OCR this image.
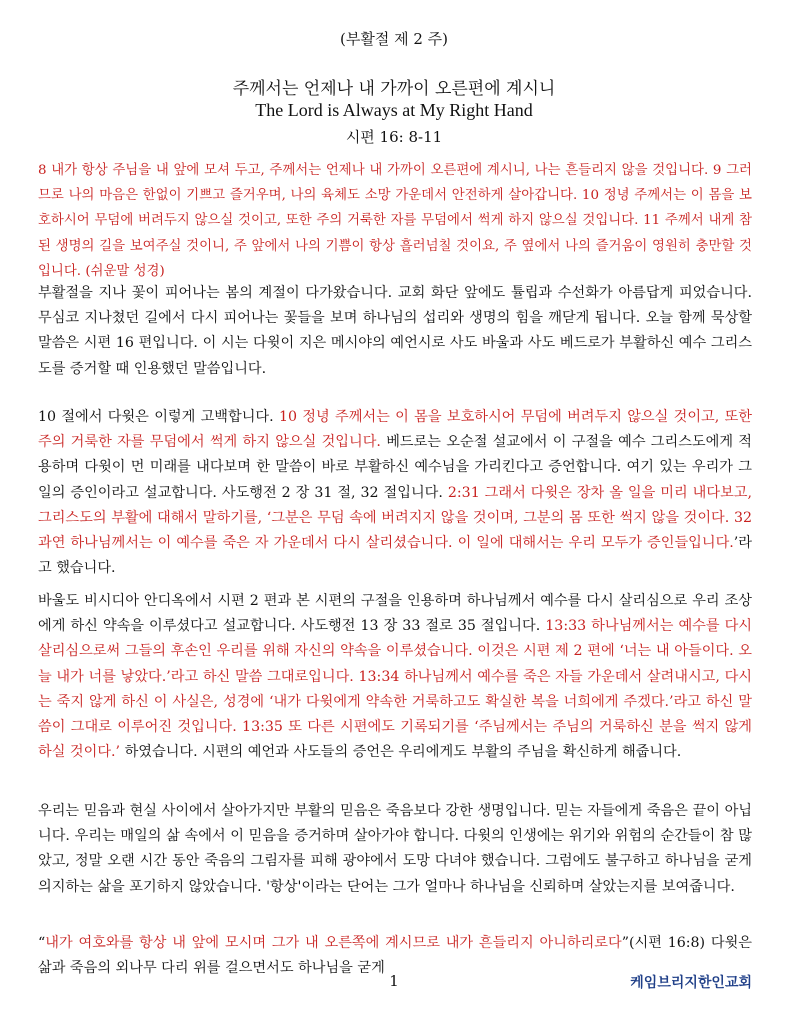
(부활절 제 2 주)
주께서는 언제나 내 가까이 오른편에 계시니
The Lord is Always at My Right Hand
시편 16: 8-11

8 내가 항상 주님을 내 앞에 모셔 두고, 주께서는 언제나 내 가까이 오른편에 계시니, 나는 흔들리지 않을 것입니다. 9 그러므로 나의 마음은 한없이 기쁘고 즐거우며, 나의 육체도 소망 가운데서 안전하게 살아갑니다. 10 정녕 주께서는 이 몸을 보호하시어 무덤에 버려두지 않으실 것이고, 또한 주의 거룩한 자를 무덤에서 썩게 하지 않으실 것입니다. 11 주께서 내게 참된 생명의 길을 보여주실 것이니, 주 앞에서 나의 기쁨이 항상 흘러넘칠 것이요, 주 옆에서 나의 즐거움이 영원히 충만할 것입니다. (쉬운말 성경)

부활절을 지나 꽃이 피어나는 봄의 계절이 다가왔습니다. 교회 화단 앞에도 튤립과 수선화가 아름답게 피었습니다. 무심코 지나쳤던 길에서 다시 피어나는 꽃들을 보며 하나님의 섭리와 생명의 힘을 깨닫게 됩니다. 오늘 함께 묵상할 말씀은 시편 16 편입니다. 이 시는 다윗이 지은 메시야의 예언시로 사도 바울과 사도 베드로가 부활하신 예수 그리스도를 증거할 때 인용했던 말씀입니다.

10 절에서 다윗은 이렇게 고백합니다. 10 정녕 주께서는 이 몸을 보호하시어 무덤에 버려두지 않으실 것이고, 또한 주의 거룩한 자를 무덤에서 썩게 하지 않으실 것입니다. 베드로는 오순절 설교에서 이 구절을 예수 그리스도에게 적용하며 다윗이 먼 미래를 내다보며 한 말씀이 바로 부활하신 예수님을 가리킨다고 증언합니다. 여기 있는 우리가 그 일의 증인이라고 설교합니다. 사도행전 2 장 31 절, 32 절입니다. 2:31 그래서 다윗은 장차 올 일을 미리 내다보고, 그리스도의 부활에 대해서 말하기를, ‘그분은 무덤 속에 버려지지 않을 것이며, 그분의 몸 또한 썩지 않을 것이다. 32 과연 하나님께서는 이 예수를 죽은 자 가운데서 다시 살리셨습니다. 이 일에 대해서는 우리 모두가 증인들입니다.’라고 했습니다.

바울도 비시디아 안디옥에서 시편 2 편과 본 시편의 구절을 인용하며 하나님께서 예수를 다시 살리심으로 우리 조상에게 하신 약속을 이루셨다고 설교합니다. 사도행전 13 장 33 절로 35 절입니다. 13:33 하나님께서는 예수를 다시 살리심으로써 그들의 후손인 우리를 위해 자신의 약속을 이루셨습니다. 이것은 시편 제 2 편에 ‘너는 내 아들이다. 오늘 내가 너를 낳았다.’라고 하신 말씀 그대로입니다. 13:34 하나님께서 예수를 죽은 자들 가운데서 살려내시고, 다시는 죽지 않게 하신 이 사실은, 성경에 ‘내가 다윗에게 약속한 거룩하고도 확실한 복을 너희에게 주겠다.’라고 하신 말씀이 그대로 이루어진 것입니다. 13:35 또 다른 시편에도 기록되기를 ‘주님께서는 주님의 거룩하신 분을 썩지 않게 하실 것이다.’ 하였습니다. 시편의 예언과 사도들의 증언은 우리에게도 부활의 주님을 확신하게 해줍니다.

우리는 믿음과 현실 사이에서 살아가지만 부활의 믿음은 죽음보다 강한 생명입니다. 믿는 자들에게 죽음은 끝이 아닙니다. 우리는 매일의 삶 속에서 이 믿음을 증거하며 살아가야 합니다. 다윗의 인생에는 위기와 위험의 순간들이 참 많았고, 정말 오랜 시간 동안 죽음의 그림자를 피해 광야에서 도망 다녀야 했습니다. 그럼에도 불구하고 하나님을 굳게 의지하는 삶을 포기하지 않았습니다. '항상'이라는 단어는 그가 얼마나 하나님을 신뢰하며 살았는지를 보여줍니다.

“내가 여호와를 항상 내 앞에 모시며 그가 내 오른쪽에 계시므로 내가 흔들리지 아니하리로다”(시편 16:8) 다윗은 삶과 죽음의 외나무 다리 위를 걸으면서도 하나님을 굳게

1	케임브리지한인교회
